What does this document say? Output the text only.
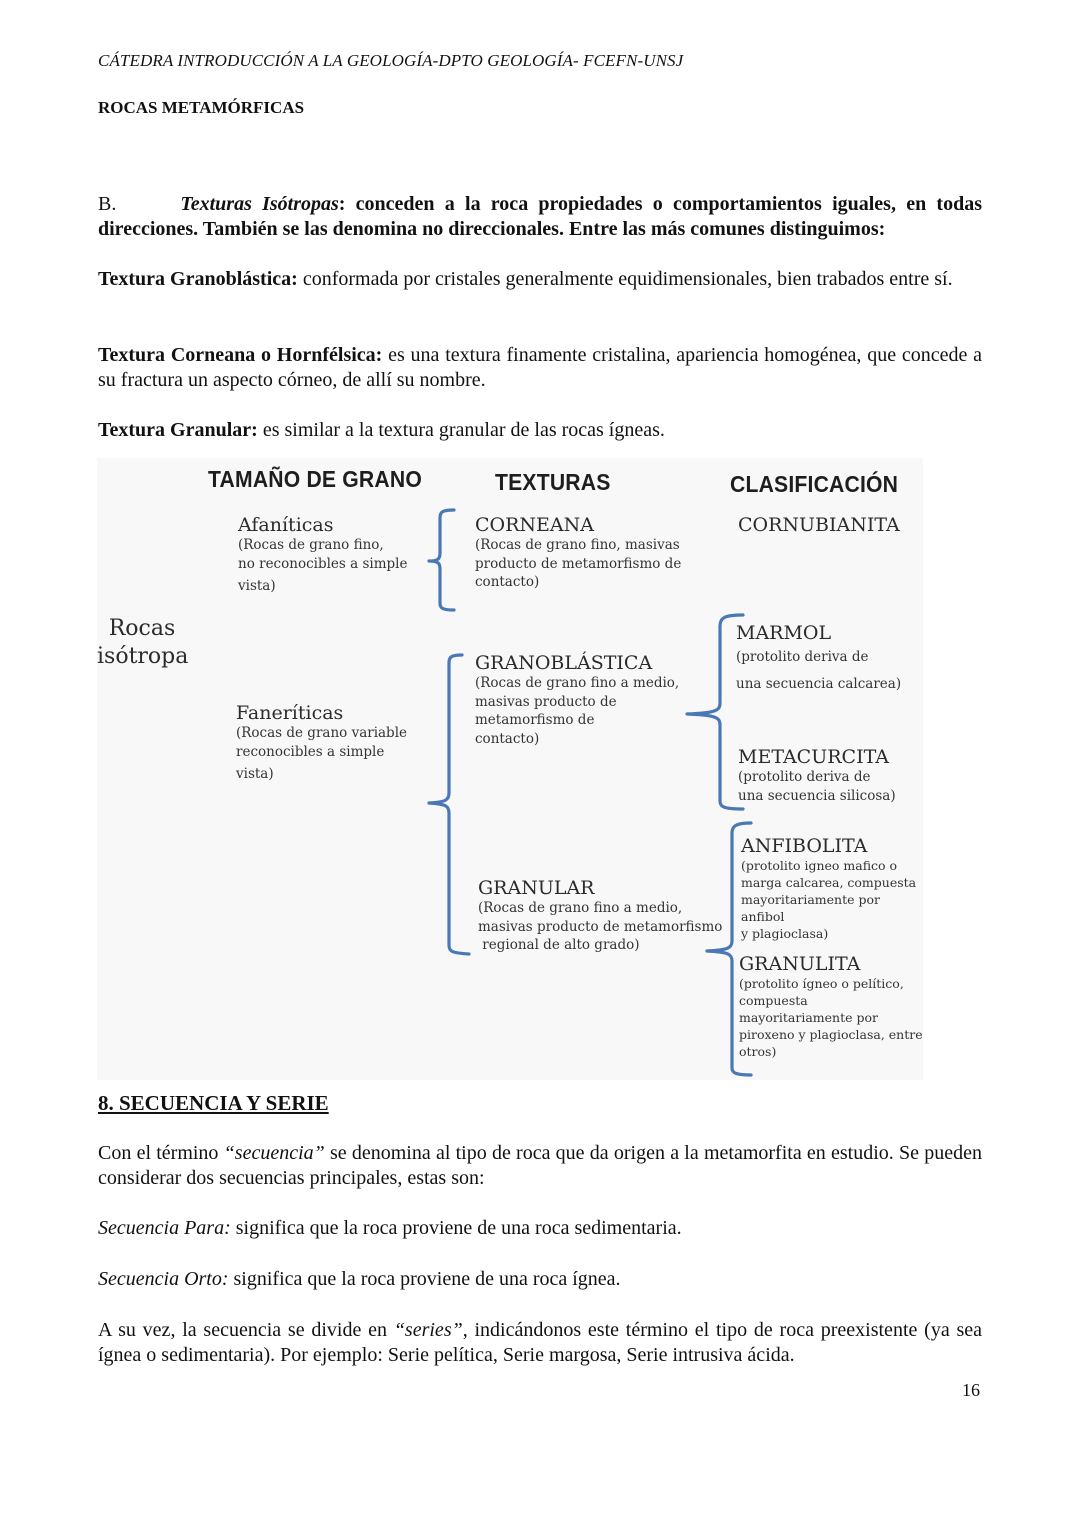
CÁTEDRA INTRODUCCIÓN A LA GEOLOGÍA-DPTO GEOLOGÍA- FCEFN-UNSJ
ROCAS METAMÓRFICAS
B.	Texturas Isótropas: conceden a la roca propiedades o comportamientos iguales, en todas direcciones. También se las denomina no direccionales. Entre las más comunes distinguimos:
Textura Granoblástica: conformada por cristales generalmente equidimensionales, bien trabados entre sí.
Textura Corneana o Hornfélsica: es una textura finamente cristalina, apariencia homogénea, que concede a su fractura un aspecto córneo, de allí su nombre.
Textura Granular: es similar a la textura granular de las rocas ígneas.
TAMAÑO DE GRANO	TEXTURAS	CLASIFICACIÓN
Rocas
isótropa
Afaníticas
(Rocas de grano fino,
no reconocibles a simple
vista)
Faneríticas
(Rocas de grano variable
reconocibles a simple
vista)
CORNEANA
(Rocas de grano fino, masivas
producto de metamorfismo de
contacto)
GRANOBLÁSTICA
(Rocas de grano fino a medio,
masivas producto de
metamorfismo de
contacto)
GRANULAR
(Rocas de grano fino a medio,
masivas producto de metamorfismo
regional de alto grado)
CORNUBIANITA
MARMOL
(protolito deriva de
una secuencia calcarea)
METACURCITA
(protolito deriva de
una secuencia silicosa)
ANFIBOLITA
(protolito igneo mafico o
marga calcarea, compuesta
mayoritariamente por anfibol
y plagioclasa)
GRANULITA
(protolito ígneo o pelítico,
compuesta
mayoritariamente por
piroxeno y plagioclasa, entre
otros)
8. SECUENCIA Y SERIE
Con el término “secuencia” se denomina al tipo de roca que da origen a la metamorfita en estudio. Se pueden considerar dos secuencias principales, estas son:
Secuencia Para: significa que la roca proviene de una roca sedimentaria.
Secuencia Orto: significa que la roca proviene de una roca ígnea.
A su vez, la secuencia se divide en “series”, indicándonos este término el tipo de roca preexistente (ya sea ígnea o sedimentaria). Por ejemplo: Serie pelítica, Serie margosa, Serie intrusiva ácida.
16
